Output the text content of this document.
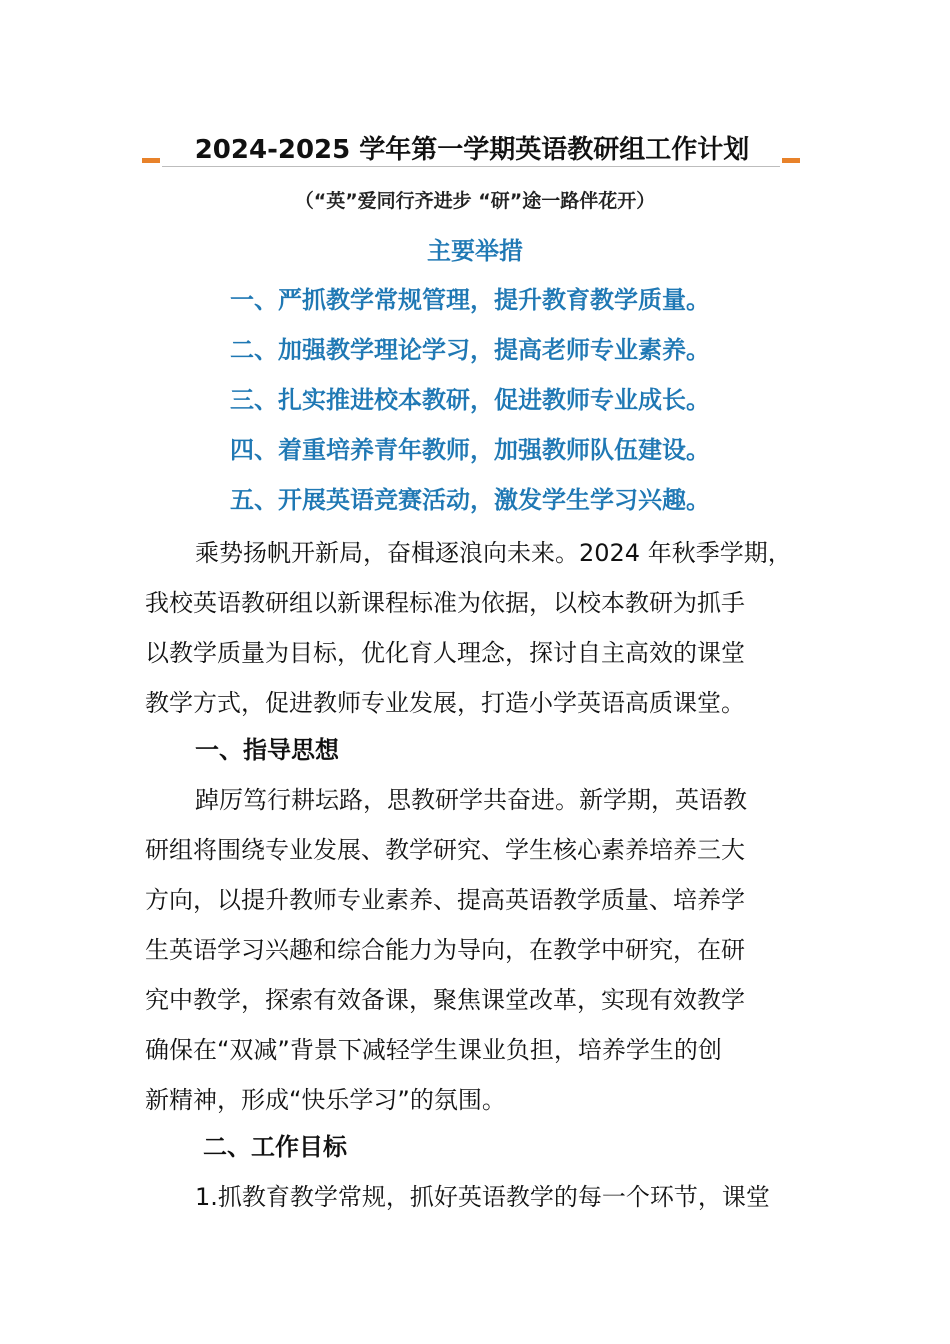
2024-2025 学年第一学期英语教研组工作计划
（“英”爱同行齐进步 “研”途一路伴花开）
主要举措
一、严抓教学常规管理，提升教育教学质量。
二、加强教学理论学习，提高老师专业素养。
三、扎实推进校本教研，促进教师专业成长。
四、着重培养青年教师，加强教师队伍建设。
五、开展英语竞赛活动，激发学生学习兴趣。
乘势扬帆开新局，奋楫逐浪向未来。2024 年秋季学期，
我校英语教研组以新课程标准为依据，以校本教研为抓手
以教学质量为目标，优化育人理念，探讨自主高效的课堂
教学方式，促进教师专业发展，打造小学英语高质课堂。
一、指导思想
踔厉笃行耕坛路，思教研学共奋进。新学期，英语教
研组将围绕专业发展、教学研究、学生核心素养培养三大
方向，以提升教师专业素养、提高英语教学质量、培养学
生英语学习兴趣和综合能力为导向，在教学中研究，在研
究中教学，探索有效备课，聚焦课堂改革，实现有效教学
确保在“双减”背景下减轻学生课业负担，培养学生的创
新精神，形成“快乐学习”的氛围。
二、工作目标
1.抓教育教学常规，抓好英语教学的每一个环节，课堂
